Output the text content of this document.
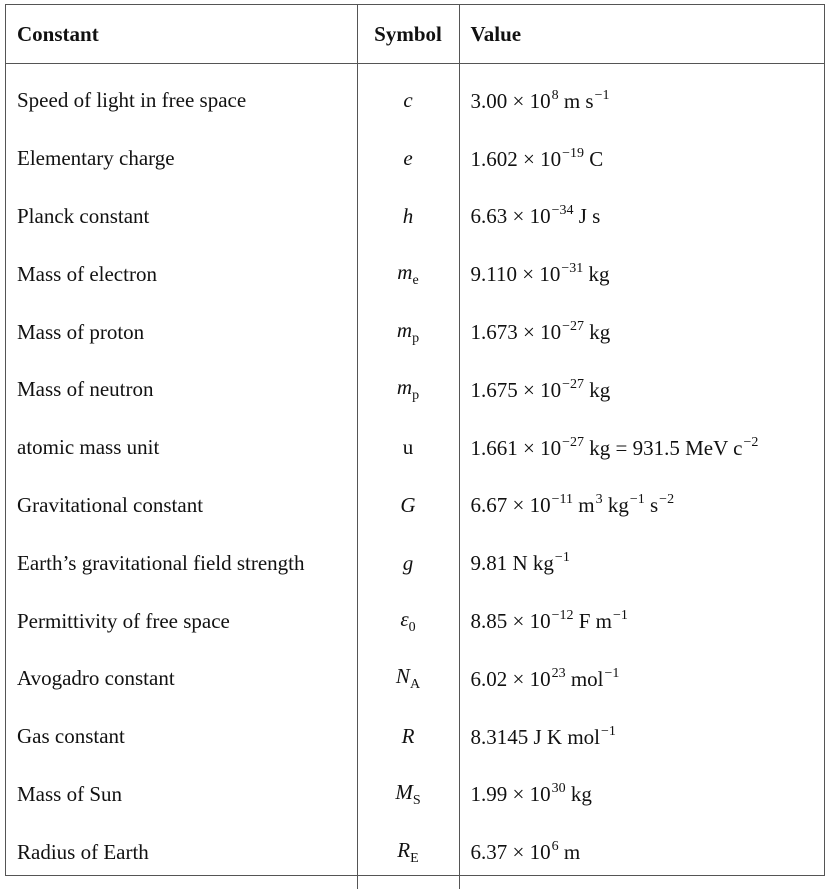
Constant	Symbol	Value
Speed of light in free space	c	$3.00 \times 10^8$ m $s^{-1}$
Elementary charge	e	$1.602 \times 10^{-19}$ C
Planck constant	h	$6.63 \times 10^{-34}$ J s
Mass of electron	$m_e$	$9.110 \times 10^{-31}$ kg
Mass of proton	$m_p$	$1.673 \times 10^{-27}$ kg
Mass of neutron	$m_p$	$1.675 \times 10^{-27}$ kg
atomic mass unit	u	$1.661 \times 10^{-27}$ kg = 931.5 MeV $c^{-2}$
Gravitational constant	G	$6.67 \times 10^{-11}$ $m^3$ $kg^{-1}$ $s^{-2}$
Earth’s gravitational field strength	g	9.81 N $kg^{-1}$
Permittivity of free space	$\varepsilon_0$	$8.85 \times 10^{-12}$ F $m^{-1}$
Avogadro constant	$N_A$	$6.02 \times 10^{23}$ mol$^{-1}$
Gas constant	R	8.3145 J K mol$^{-1}$
Mass of Sun	$M_S$	$1.99 \times 10^{30}$ kg
Radius of Earth	$R_E$	$6.37 \times 10^6$ m
